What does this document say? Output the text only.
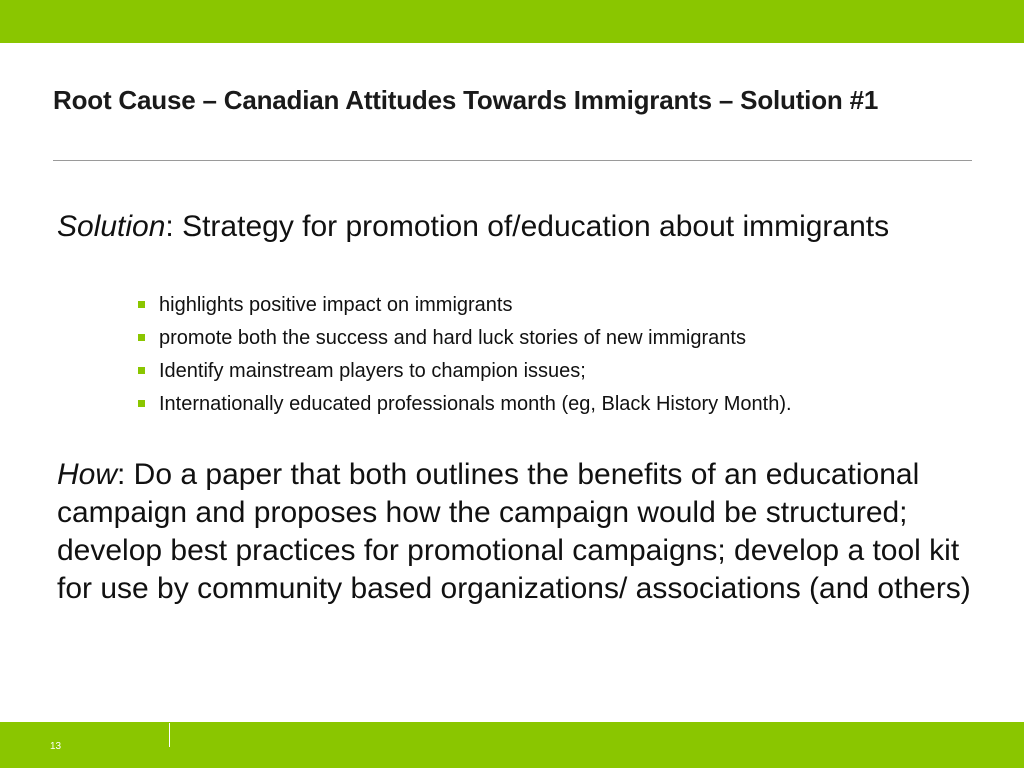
Root Cause – Canadian Attitudes Towards Immigrants – Solution #1
Solution: Strategy for promotion of/education about immigrants
highlights positive impact on immigrants
promote both the success and hard luck stories of new immigrants
Identify mainstream players to champion issues;
Internationally educated professionals month (eg, Black History Month).
How: Do a paper that both outlines the benefits of an educational campaign and proposes how the campaign would be structured; develop best practices for promotional campaigns; develop a tool kit for use by community based organizations/ associations (and others)
13
